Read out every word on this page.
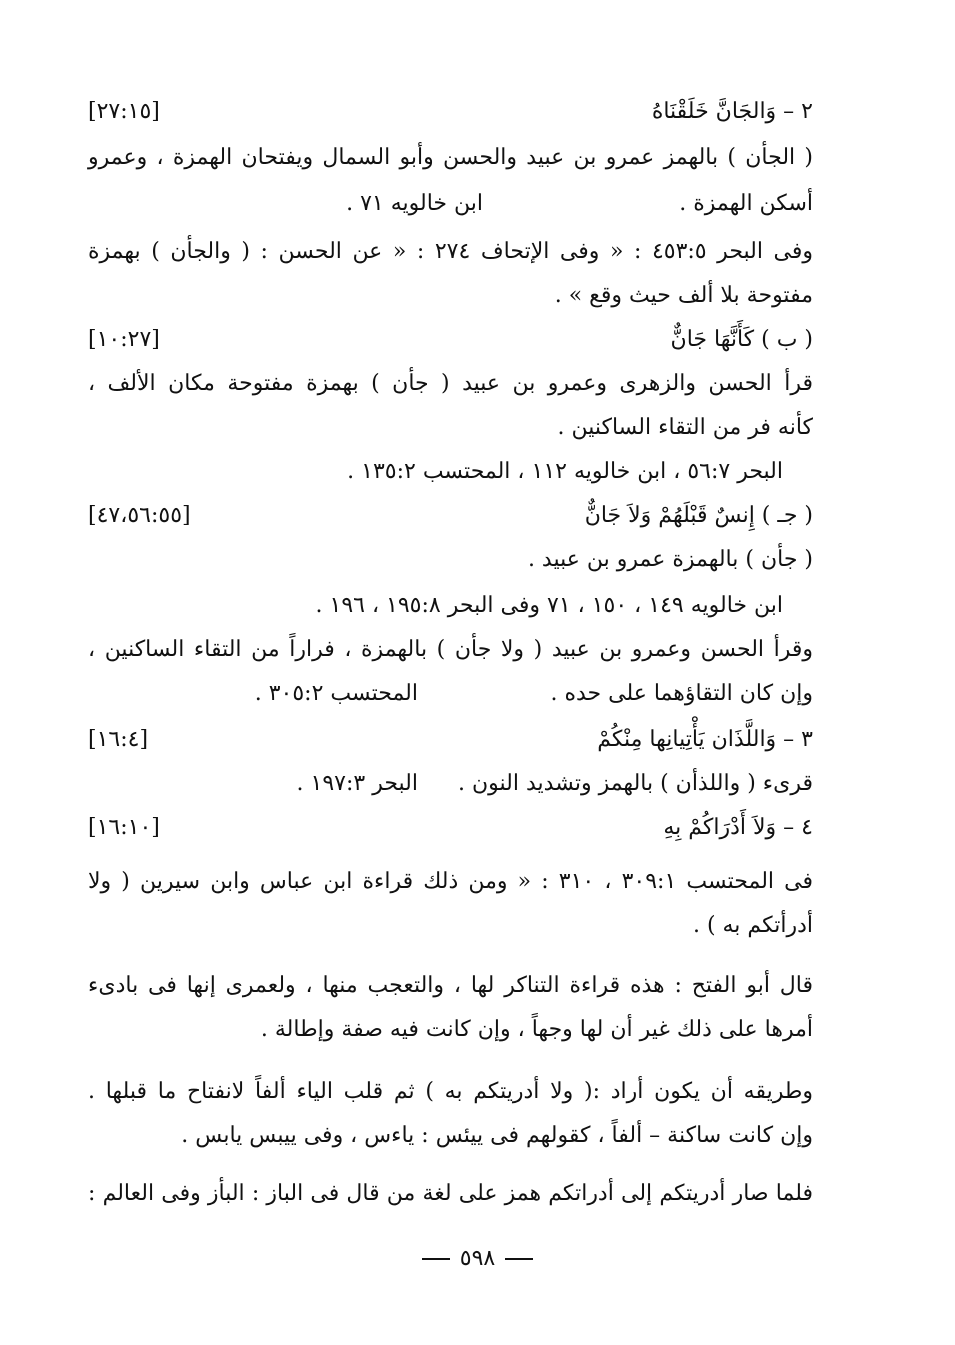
٢ – وَالجَانَّ خَلَقْنَاهُ
[٢٧:١٥]
( الجأن ) بالهمز عمرو بن عبيد والحسن وأبو السمال ويفتحان الهمزة ، وعمرو
أسكن الهمزة .
ابن خالويه ٧١ .
وفى البحر ٤٥٣:٥ : « وفى الإتحاف ٢٧٤ : « عن الحسن : ( والجأن ) بهمزة
مفتوحة بلا ألف حيث وقع » .
( ب ) كَأَنَّهَا جَانٌّ
[١٠:٢٧]
قرأ الحسن والزهرى وعمرو بن عبيد ( جأن ) بهمزة مفتوحة مكان الألف ،
كأنه فر من التقاء الساكنين .
البحر ٥٦:٧ ، ابن خالويه ١١٢ ، المحتسب ١٣٥:٢ .
( جـ ) إِنسٌ قَبْلَهُمْ وَلاَ جَانٌّ
[٤٧،٥٦:٥٥]
( جأن ) بالهمزة عمرو بن عبيد .
ابن خالويه ١٤٩ ، ١٥٠ ، ٧١ وفى البحر ١٩٥:٨ ، ١٩٦ .
وقرأ الحسن وعمرو بن عبيد ( ولا جأن ) بالهمزة ، فراراً من التقاء الساكنين ،
وإن كان التقاؤهما على حده .
المحتسب ٣٠٥:٢ .
٣ – وَاللَّذَان يَأْتِيانِها مِنْكُمْ
[١٦:٤]
قرىء ( واللذأن ) بالهمز وتشديد النون .
البحر ١٩٧:٣ .
٤ – وَلاَ أَدْرَاكُمْ بِهِ
[١٦:١٠]
فى المحتسب ٣٠٩:١ ، ٣١٠ : « ومن ذلك قراءة ابن عباس وابن سيرين ( ولا
أدرأتكم به ) .
قال أبو الفتح : هذه قراءة التناكر لها ، والتعجب منها ، ولعمرى إنها فى بادىء
أمرها على ذلك غير أن لها وجهاً ، وإن كانت فيه صفة وإطالة .
وطريقه أن يكون أراد :( ولا أدريتكم به ) ثم قلب الياء ألفاً لانفتاح ما قبلها .
وإن كانت ساكنة – ألفاً ، كقولهم فى ييئس : ياءس ، وفى ييبس يابس .
فلما صار أدريتكم إلى أدراتكم همز على لغة من قال فى الباز : البأز وفى العالم :
٥٩٨
